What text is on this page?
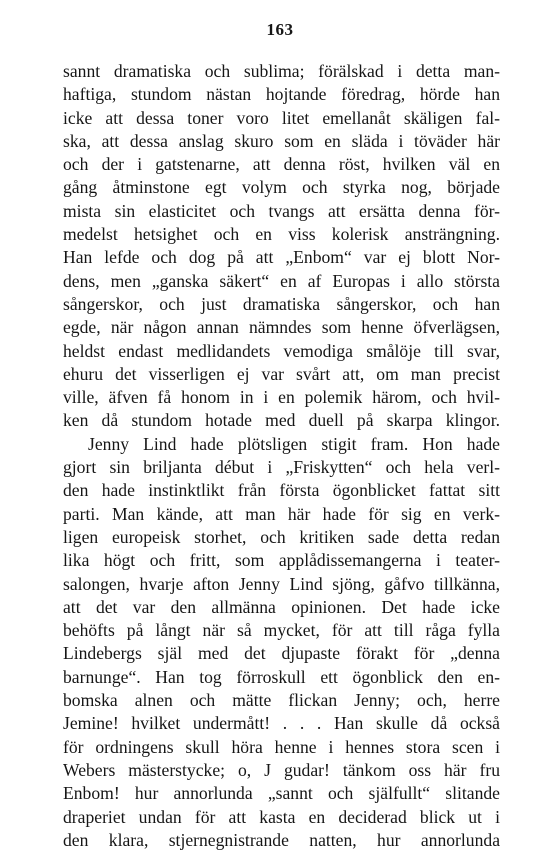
163
sannt dramatiska och sublima; förälskad i detta man-
haftiga, stundom nästan hojtande föredrag, hörde han
icke att dessa toner voro litet emellanåt skäligen fal-
ska, att dessa anslag skuro som en släda i töväder här
och der i gatstenarne, att denna röst, hvilken väl en
gång åtminstone egt volym och styrka nog, började
mista sin elasticitet och tvangs att ersätta denna för-
medelst hetsighet och en viss kolerisk ansträngning.
Han lefde och dog på att „Enbom“ var ej blott Nor-
dens, men „ganska säkert“ en af Europas i allo största
sångerskor, och just dramatiska sångerskor, och han
egde, när någon annan nämndes som henne öfverlägsen,
heldst endast medlidandets vemodiga smålöje till svar,
ehuru det visserligen ej var svårt att, om man precist
ville, äfven få honom in i en polemik härom, och hvil-
ken då stundom hotade med duell på skarpa klingor.
Jenny Lind hade plötsligen stigit fram. Hon hade
gjort sin briljanta début i „Friskytten“ och hela verl-
den hade instinktlikt från första ögonblicket fattat sitt
parti. Man kände, att man här hade för sig en verk-
ligen europeisk storhet, och kritiken sade detta redan
lika högt och fritt, som applådissemangerna i teater-
salongen, hvarje afton Jenny Lind sjöng, gåfvo tillkänna,
att det var den allmänna opinionen. Det hade icke
behöfts på långt när så mycket, för att till råga fylla
Lindebergs själ med det djupaste förakt för „denna
barnunge“. Han tog förroskull ett ögonblick den en-
bomska alnen och mätte flickan Jenny; och, herre
Jemine! hvilket undermått! . . . Han skulle då också
för ordningens skull höra henne i hennes stora scen i
Webers mästerstycke; o, J gudar! tänkom oss här fru
Enbom! hur annorlunda „sannt och själfullt“ slitande
draperiet undan för att kasta en deciderad blick ut i
den klara, stjernegnistrande natten, hur annorlunda
